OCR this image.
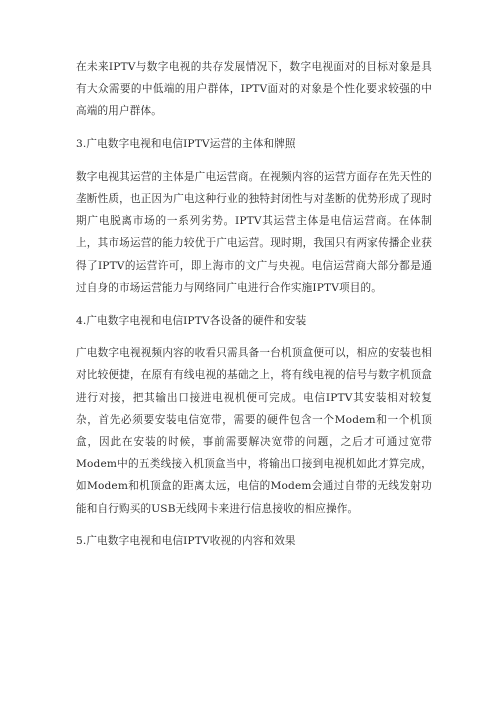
在未来IPTV与数字电视的共存发展情况下，数字电视面对的目标对象是具有大众需要的中低端的用户群体，IPTV面对的对象是个性化要求较强的中高端的用户群体。

3.广电数字电视和电信IPTV运营的主体和牌照

数字电视其运营的主体是广电运营商。在视频内容的运营方面存在先天性的垄断性质，也正因为广电这种行业的独特封闭性与对垄断的优势形成了现时期广电脱离市场的一系列劣势。IPTV其运营主体是电信运营商。在体制上，其市场运营的能力较优于广电运营。现时期，我国只有两家传播企业获得了IPTV的运营许可，即上海市的文广与央视。电信运营商大部分都是通过自身的市场运营能力与网络同广电进行合作实施IPTV项目的。

4.广电数字电视和电信IPTV各设备的硬件和安装

广电数字电视视频内容的收看只需具备一台机顶盒便可以，相应的安装也相对比较便捷，在原有有线电视的基础之上，将有线电视的信号与数字机顶盒进行对接，把其输出口接进电视机便可完成。电信IPTV其安装相对较复杂，首先必须要安装电信宽带，需要的硬件包含一个Modem和一个机顶盒，因此在安装的时候，事前需要解决宽带的问题，之后才可通过宽带Modem中的五类线接入机顶盒当中，将输出口接到电视机如此才算完成，如Modem和机顶盒的距离太远，电信的Modem会通过自带的无线发射功能和自行购买的USB无线网卡来进行信息接收的相应操作。

5.广电数字电视和电信IPTV收视的内容和效果
